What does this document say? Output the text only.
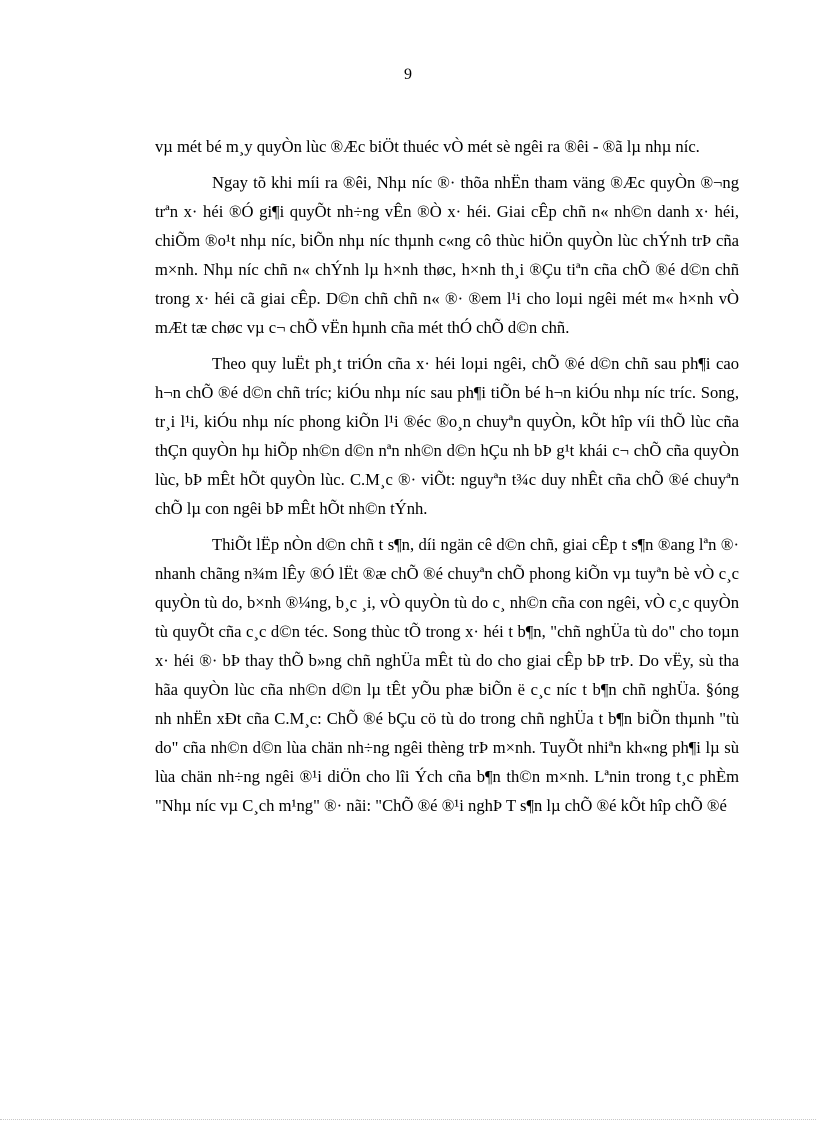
9

vµ mét bé m¸y quyÒn lùc ®Æc biÖt thuéc vÒ mét sè ngêi ra ®êi - ®ã lµ nhµ níc.

Ngay tõ khi míi ra ®êi, Nhµ níc ®· thõa nhËn tham väng ®Æc quyÒn ®¬ng trªn x· héi ®Ó gi¶i quyÕt nh÷ng vÊn ®Ò x· héi. Giai cÊp chñ n« nh©n danh x· héi, chiÕm ®o¹t nhµ níc, biÕn nhµ níc thµnh c«ng cô thùc hiÖn quyÒn lùc chÝnh trÞ cña m×nh. Nhµ níc chñ n« chÝnh lµ h×nh thøc, h×nh th¸i ®Çu tiªn cña chÕ ®é d©n chñ trong x· héi cã giai cÊp. D©n chñ chñ n« ®· ®em l¹i cho loµi ngêi mét m« h×nh vÒ mÆt tæ chøc vµ c¬ chÕ vËn hµnh cña mét thÓ chÕ d©n chñ.

Theo quy luËt ph¸t triÓn cña x· héi loµi ngêi, chÕ ®é d©n chñ sau ph¶i cao h¬n chÕ ®é d©n chñ tríc; kiÓu nhµ níc sau ph¶i tiÕn bé h¬n kiÓu nhµ níc tríc. Song, tr¸i l¹i, kiÓu nhµ níc phong kiÕn l¹i ®éc ®o¸n chuyªn quyÒn, kÕt hîp víi thÕ lùc cña thÇn quyÒn hµ hiÕp nh©n d©n nªn nh©n d©n hÇu nh bÞ g¹t khái c¬ chÕ cña quyÒn lùc, bÞ mÊt hÕt quyÒn lùc. C.M¸c ®· viÕt: nguyªn t¾c duy nhÊt cña chÕ ®é chuyªn chÕ lµ con ngêi bÞ mÊt hÕt nh©n tÝnh.

ThiÕt lËp nÒn d©n chñ t s¶n, díi ngän cê d©n chñ, giai cÊp t s¶n ®ang lªn ®· nhanh chãng n¾m lÊy ®Ó lËt ®æ chÕ ®é chuyªn chÕ phong kiÕn vµ tuyªn bè vÒ c¸c quyÒn tù do, b×nh ®¼ng, b¸c ¸i, vÒ quyÒn tù do c¸ nh©n cña con ngêi, vÒ c¸c quyÒn tù quyÕt cña c¸c d©n téc. Song thùc tÕ trong x· héi t b¶n, "chñ nghÜa tù do" cho toµn x· héi ®· bÞ thay thÕ b»ng chñ nghÜa mÊt tù do cho giai cÊp bÞ trÞ. Do vËy, sù tha hãa quyÒn lùc cña nh©n d©n lµ tÊt yÕu phæ biÕn ë c¸c níc t b¶n chñ nghÜa. §óng nh nhËn xÐt cña C.M¸c: ChÕ ®é bÇu cö tù do trong chñ nghÜa t b¶n biÕn thµnh "tù do" cña nh©n d©n lùa chän nh÷ng ngêi thèng trÞ m×nh. TuyÕt nhiªn kh«ng ph¶i lµ sù lùa chän nh÷ng ngêi ®¹i diÖn cho lîi Ých cña b¶n th©n m×nh. Lªnin trong t¸c phÈm "Nhµ níc vµ C¸ch m¹ng" ®· nãi: "ChÕ ®é ®¹i nghÞ T s¶n lµ chÕ ®é kÕt hîp chÕ ®é
